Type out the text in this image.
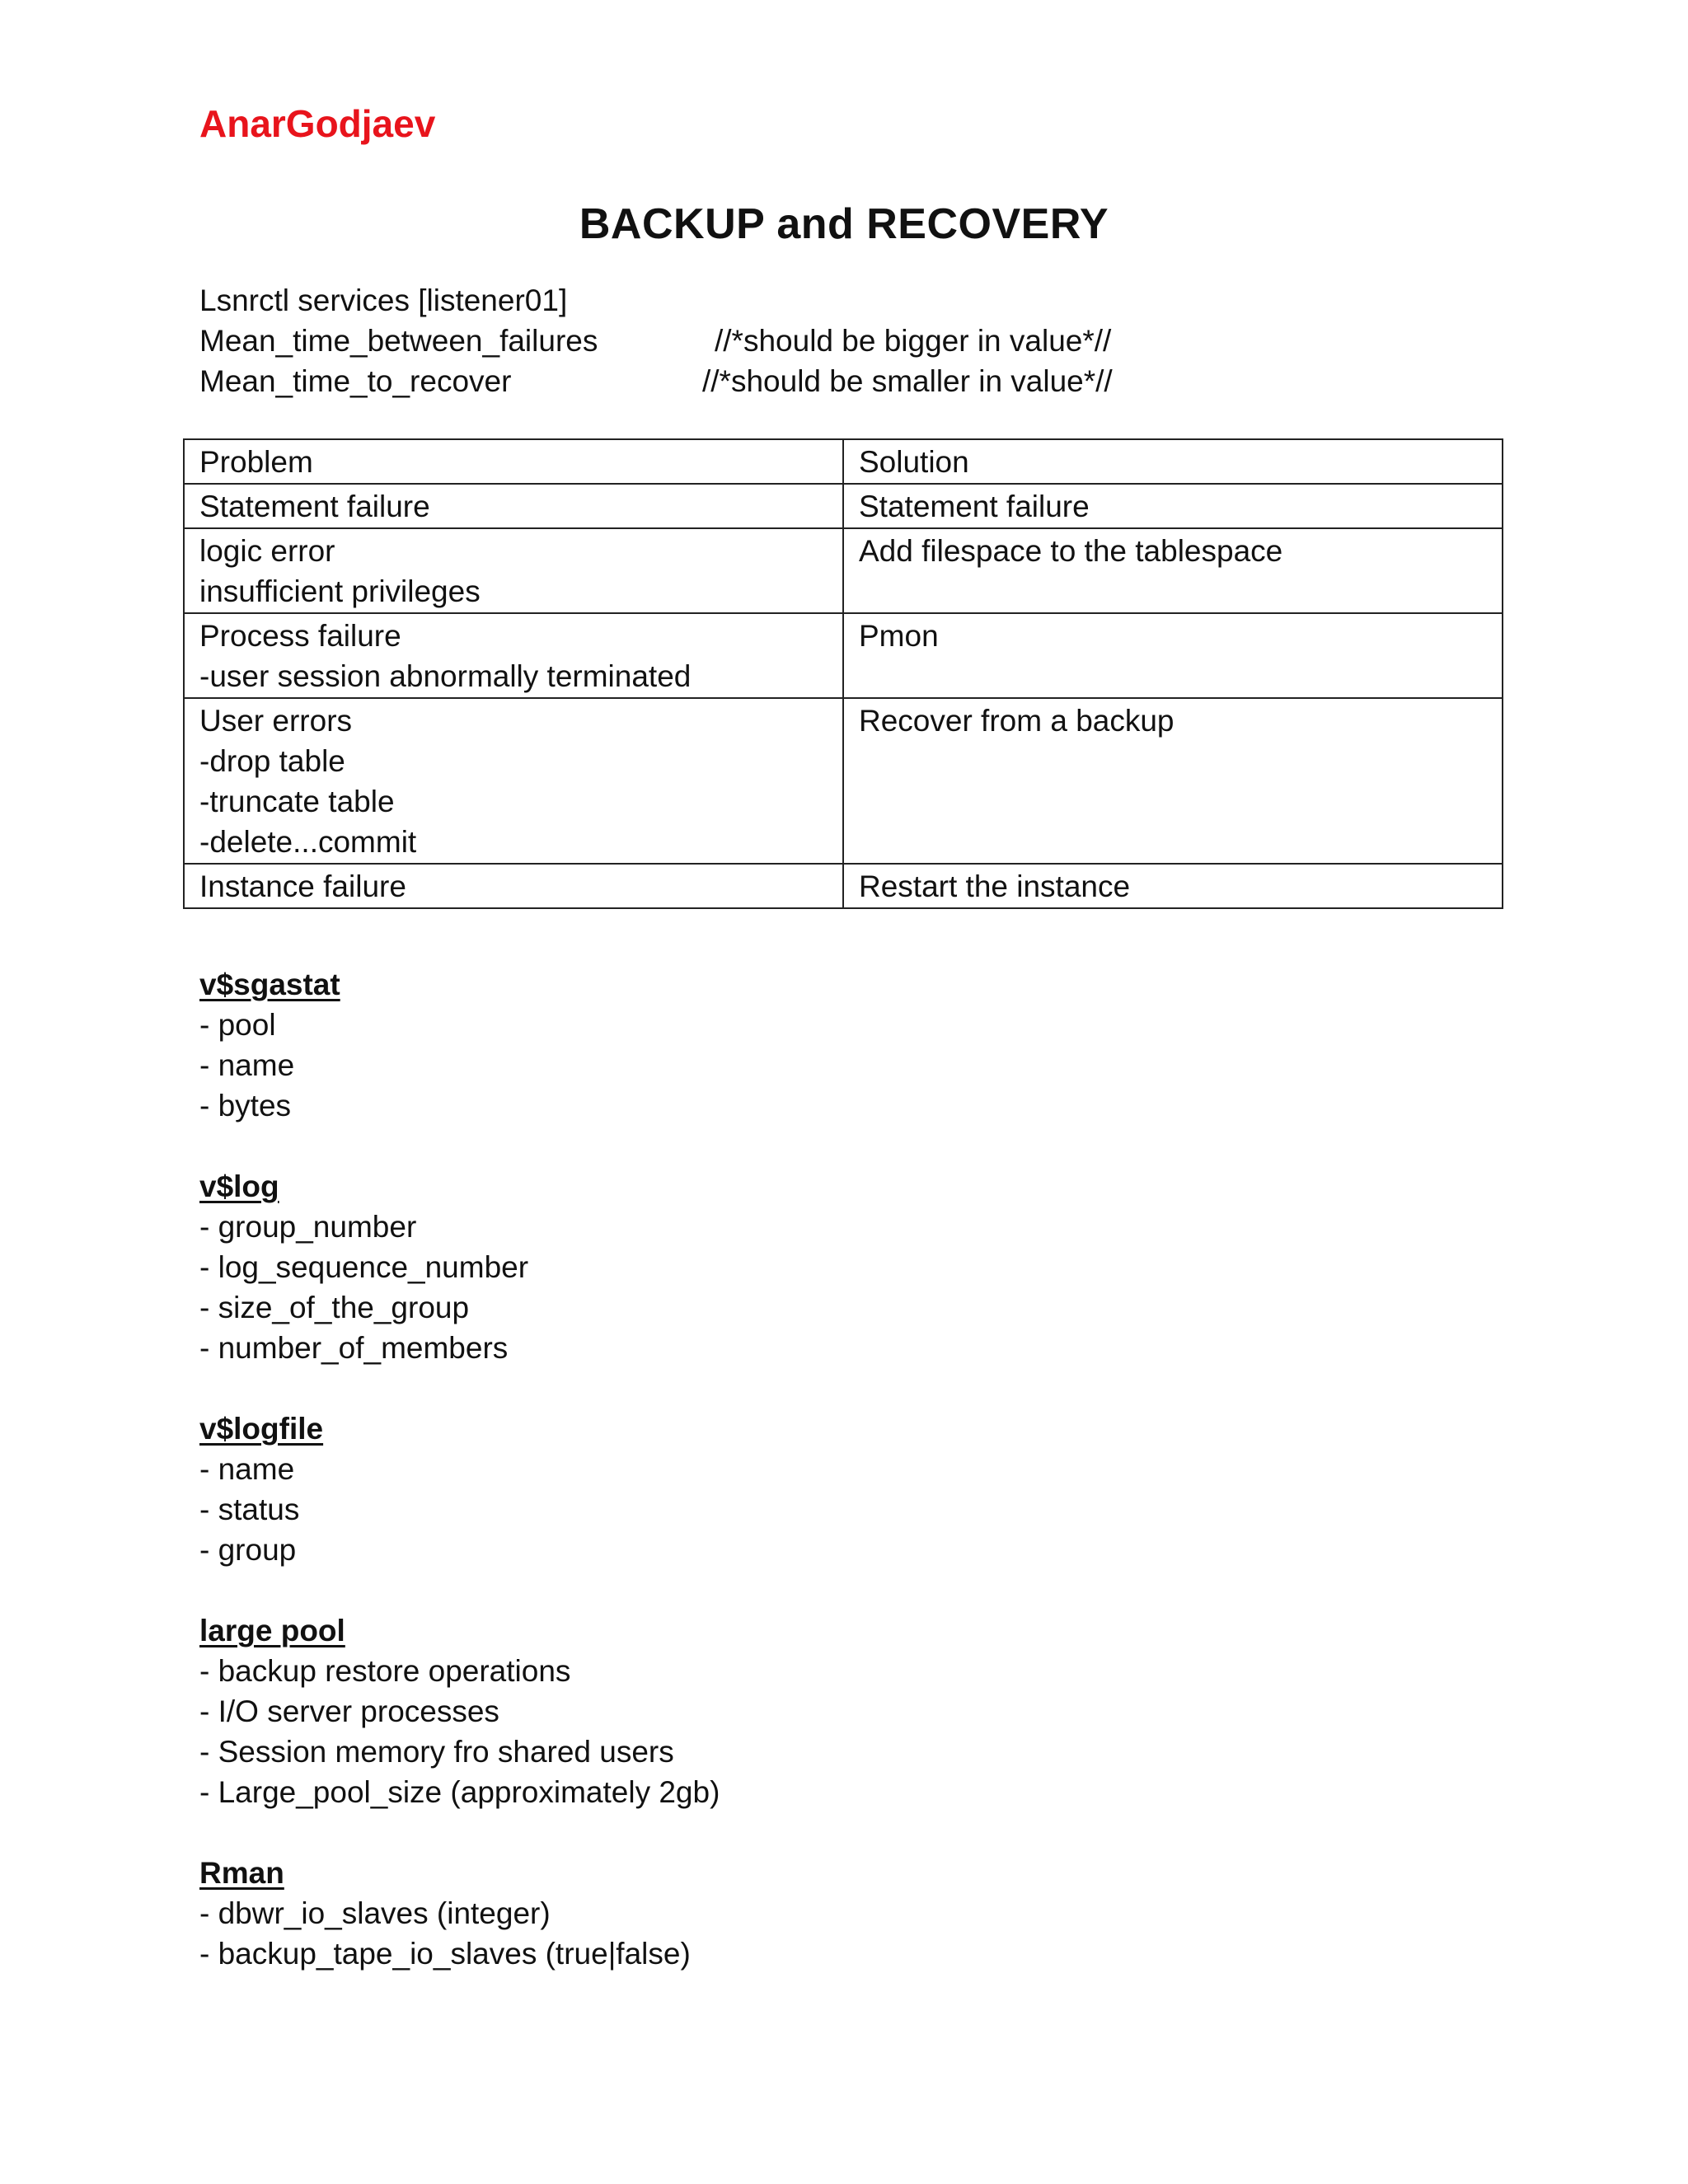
AnarGodjaev

BACKUP and RECOVERY
Lsnrctl services [listener01]
Mean_time_between_failures	//*should be bigger in value*//
Mean_time_to_recover	//*should be smaller in value*//
Problem	Solution

Statement failure	Statement failure

logic error
insufficient privileges	Add filespace to the tablespace

Process failure
-user session abnormally terminated	Pmon

User errors
-drop table
-truncate table
-delete...commit	Recover from a backup

Instance failure	Restart the instance

v$sgastat

- pool
- name
- bytes

v$log

- group_number
- log_sequence_number
- size_of_the_group
- number_of_members

v$logfile

- name
- status
- group

large pool

- backup restore operations
- I/O server processes
- Session memory fro shared users
- Large_pool_size (approximately 2gb)

Rman

- dbwr_io_slaves (integer)
- backup_tape_io_slaves (true|false)
